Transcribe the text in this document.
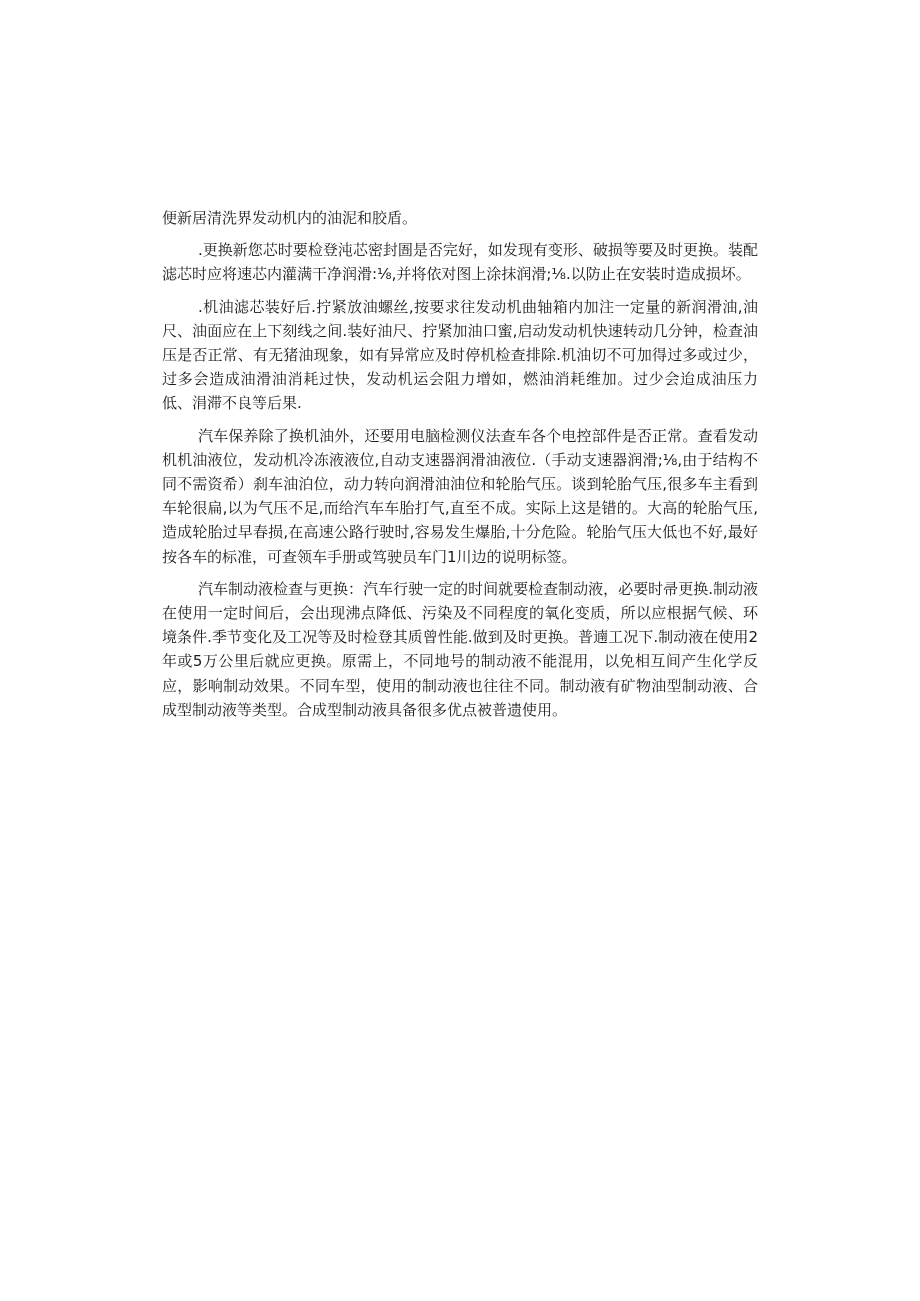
便新居清洗界发动机内的油泥和胶盾。

.更换新您芯时要检登沌芯密封圄是否完好，如发现有变形、破损等要及时更换。装配滤芯时应将速芯内灌满干净润滑:⅛,并将依对图上涂抹润滑;⅛.以防止在安装时造成损坏。

.机油滤芯装好后.拧紧放油螺丝,按要求往发动机曲轴箱内加注一定量的新润滑油,油尺、油面应在上下刻线之间.装好油尺、拧紧加油口蜜,启动发动机快速转动几分钟，检查油压是否正常、有无猪油现象，如有异常应及时停机检查排除.机油切不可加得过多或过少，过多会造成油滑油消耗过快，发动机运会阻力增如，燃油消耗维加。过少会迨成油压力低、涓滞不良等后果.

汽车保养除了换机油外，还要用电脑检测仪法查车各个电控部件是否正常。查看发动机机油液位，发动机冷冻液液位,自动支速器润滑油液位.（手动支速器润滑;⅛,由于结构不同不需资希）刹车油泊位，动力转向润滑油油位和轮胎气压。谈到轮胎气压,很多车主看到车轮很扁,以为气压不足,而给汽车车胎打气,直至不成。实际上这是错的。大高的轮胎气压,造成轮胎过早春损,在高速公路行驶时,容易发生爆胎,十分危险。轮胎气压大低也不好,最好按各车的标准，可查领车手册或笃驶员车门1川边的说明标签。

汽车制动液检查与更换：汽车行驶一定的时间就要检查制动液，必要时帚更换.制动液在使用一定时间后，会出现沸点降低、污染及不同程度的氧化变质，所以应根据气候、环境条件.季节变化及工况等及时检登其质曾性能.做到及时更换。普遖工况下.制动液在使用2年或5万公里后就应更换。原需上，不同地号的制动液不能混用，以免相互间产生化学反应，影响制动效果。不同车型，使用的制动液也往往不同。制动液有矿物油型制动液、合成型制动液等类型。合成型制动液具备很多优点被普遗使用。
